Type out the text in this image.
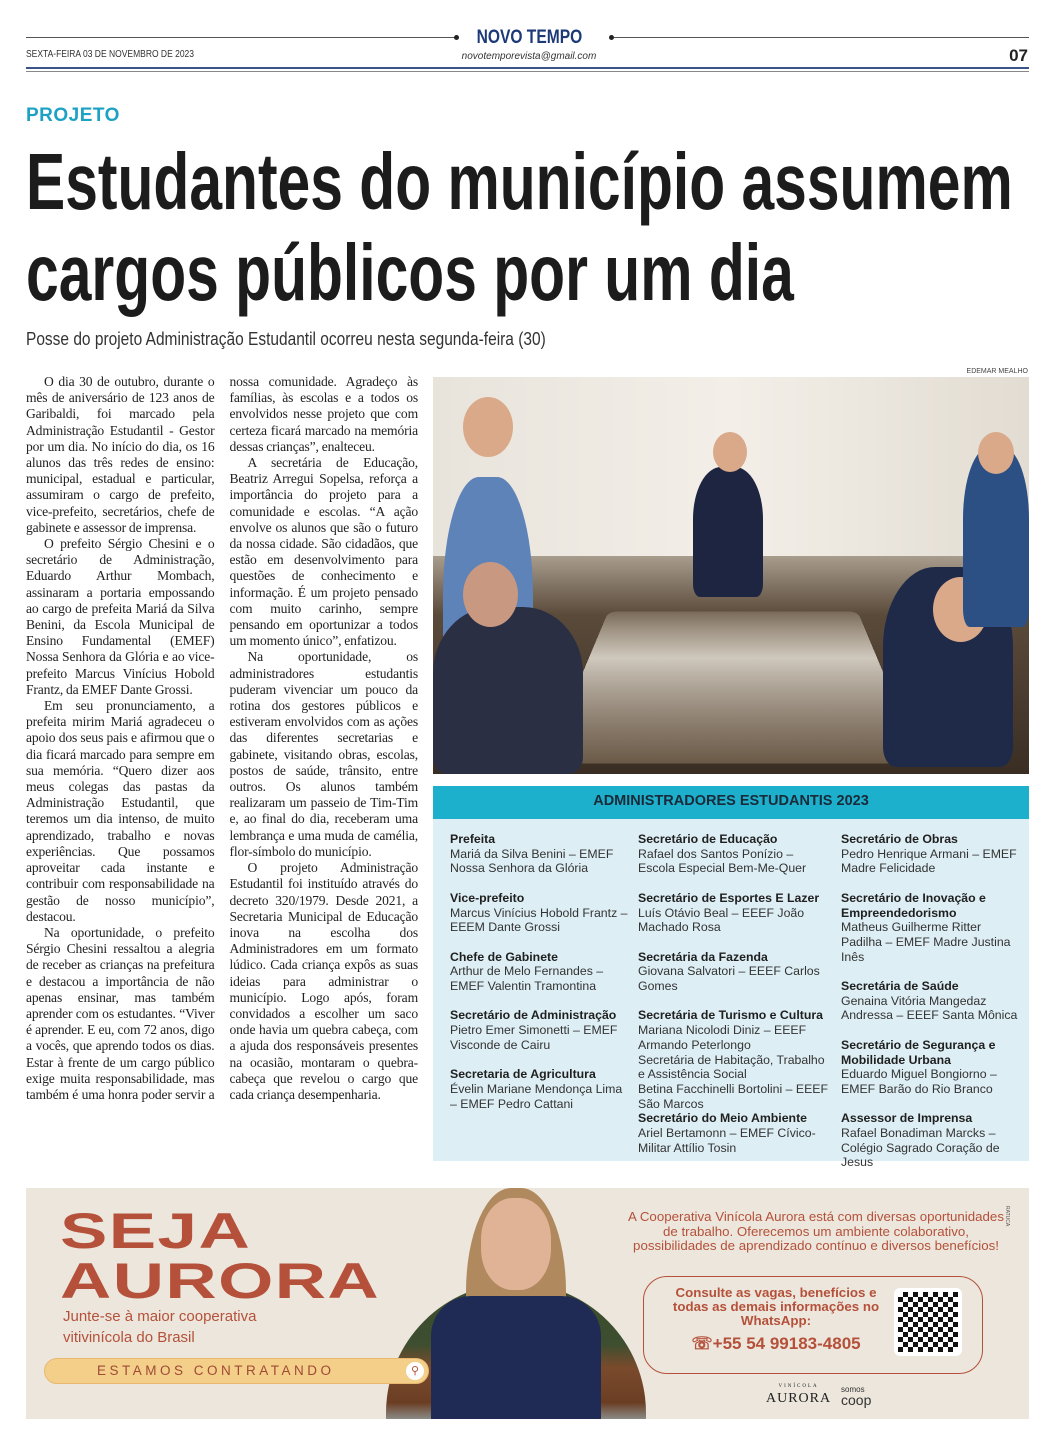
NOVO TEMPO
SEXTA-FEIRA 03 DE NOVEMBRO DE 2023	novotemporevista@gmail.com	07
PROJETO
Estudantes do município assumem
cargos públicos por um dia
Posse do projeto Administração Estudantil ocorreu nesta segunda-feira (30)

O dia 30 de outubro, durante o mês de aniversário de 123 anos de Garibaldi, foi marcado pela Administração Estudantil - Gestor por um dia. No início do dia, os 16 alunos das três redes de ensino: municipal, estadual e particular, assumiram o cargo de prefeito, vice-prefeito, secretários, chefe de gabinete e assessor de imprensa.

O prefeito Sérgio Chesini e o secretário de Administração, Eduardo Arthur Mombach, assinaram a portaria empossando ao cargo de prefeita Mariá da Silva Benini, da Escola Municipal de Ensino Fundamental (EMEF) Nossa Senhora da Glória e ao vice-prefeito Marcus Vinícius Hobold Frantz, da EMEF Dante Grossi.

Em seu pronunciamento, a prefeita mirim Mariá agradeceu o apoio dos seus pais e afirmou que o dia ficará marcado para sempre em sua memória. “Quero dizer aos meus colegas das pastas da Administração Estudantil, que teremos um dia intenso, de muito aprendizado, trabalho e novas experiências. Que possamos aproveitar cada instante e contribuir com responsabilidade na gestão de nosso município”, destacou.

Na oportunidade, o prefeito Sérgio Chesini ressaltou a alegria de receber as crianças na prefeitura e destacou a importância de não apenas ensinar, mas também aprender com os estudantes. “Viver é aprender. E eu, com 72 anos, digo a vocês, que aprendo todos os dias. Estar à frente de um cargo público exige muita responsabilidade, mas também é uma honra poder servir a nossa comunidade. Agradeço às famílias, às escolas e a todos os envolvidos nesse projeto que com certeza ficará marcado na memória dessas crianças”, enalteceu.

A secretária de Educação, Beatriz Arregui Sopelsa, reforça a importância do projeto para a comunidade e escolas. “A ação envolve os alunos que são o futuro da nossa cidade. São cidadãos, que estão em desenvolvimento para questões de conhecimento e informação. É um projeto pensado com muito carinho, sempre pensando em oportunizar a todos um momento único”, enfatizou.

Na oportunidade, os administradores estudantis puderam vivenciar um pouco da rotina dos gestores públicos e estiveram envolvidos com as ações das diferentes secretarias e gabinete, visitando obras, escolas, postos de saúde, trânsito, entre outros. Os alunos também realizaram um passeio de Tim-Tim e, ao final do dia, receberam uma lembrança e uma muda de camélia, flor-símbolo do município.

O projeto Administração Estudantil foi instituído através do decreto 320/1979. Desde 2021, a Secretaria Municipal de Educação inova na escolha dos Administradores em um formato lúdico. Cada criança expôs as suas ideias para administrar o município. Logo após, foram convidados a escolher um saco onde havia um quebra cabeça, com a ajuda dos responsáveis presentes na ocasião, montaram o quebra-cabeça que revelou o cargo que cada criança desempenharia.

EDEMAR MEALHO
ADMINISTRADORES ESTUDANTIS 2023
Prefeita
Mariá da Silva Benini – EMEF Nossa Senhora da Glória
Vice-prefeito
Marcus Vinícius Hobold Frantz – EEEM Dante Grossi
Chefe de Gabinete
Arthur de Melo Fernandes – EMEF Valentin Tramontina
Secretário de Administração
Pietro Emer Simonetti – EMEF Visconde de Cairu
Secretaria de Agricultura
Évelin Mariane Mendonça Lima – EMEF Pedro Cattani
Secretário de Educação
Rafael dos Santos Ponízio – Escola Especial Bem-Me-Quer
Secretário de Esportes E Lazer
Luís Otávio Beal – EEEF João Machado Rosa
Secretária da Fazenda
Giovana Salvatori – EEEF Carlos Gomes
Secretária de Turismo e Cultura
Mariana Nicolodi Diniz – EEEF Armando Peterlongo
Secretária de Habitação, Trabalho e Assistência Social
Betina Facchinelli Bortolini – EEEF São Marcos
Secretário do Meio Ambiente
Ariel Bertamonn – EMEF Cívico-Militar Attílio Tosin
Secretário de Obras
Pedro Henrique Armani – EMEF Madre Felicidade
Secretário de Inovação e Empreendedorismo
Matheus Guilherme Ritter Padilha – EMEF Madre Justina Inês
Secretária de Saúde
Genaina Vitória Mangedaz Andressa – EEEF Santa Mônica
Secretário de Segurança e Mobilidade Urbana
Eduardo Miguel Bongiorno – EMEF Barão do Rio Branco
Assessor de Imprensa
Rafael Bonadiman Marcks – Colégio Sagrado Coração de Jesus
SEJA
AURORA
Junte-se à maior cooperativa
vitivinícola do Brasil
ESTAMOS CONTRATANDO	⚲
A Cooperativa Vinícola Aurora está com diversas oportunidades de trabalho. Oferecemos um ambiente colaborativo, possibilidades de aprendizado contínuo e diversos benefícios!
Consulte as vagas, benefícios e todas as demais informações no WhatsApp:
☏+55 54 99183-4805
VINÍCOLA
AURORA
somos
coop
RATUCA
